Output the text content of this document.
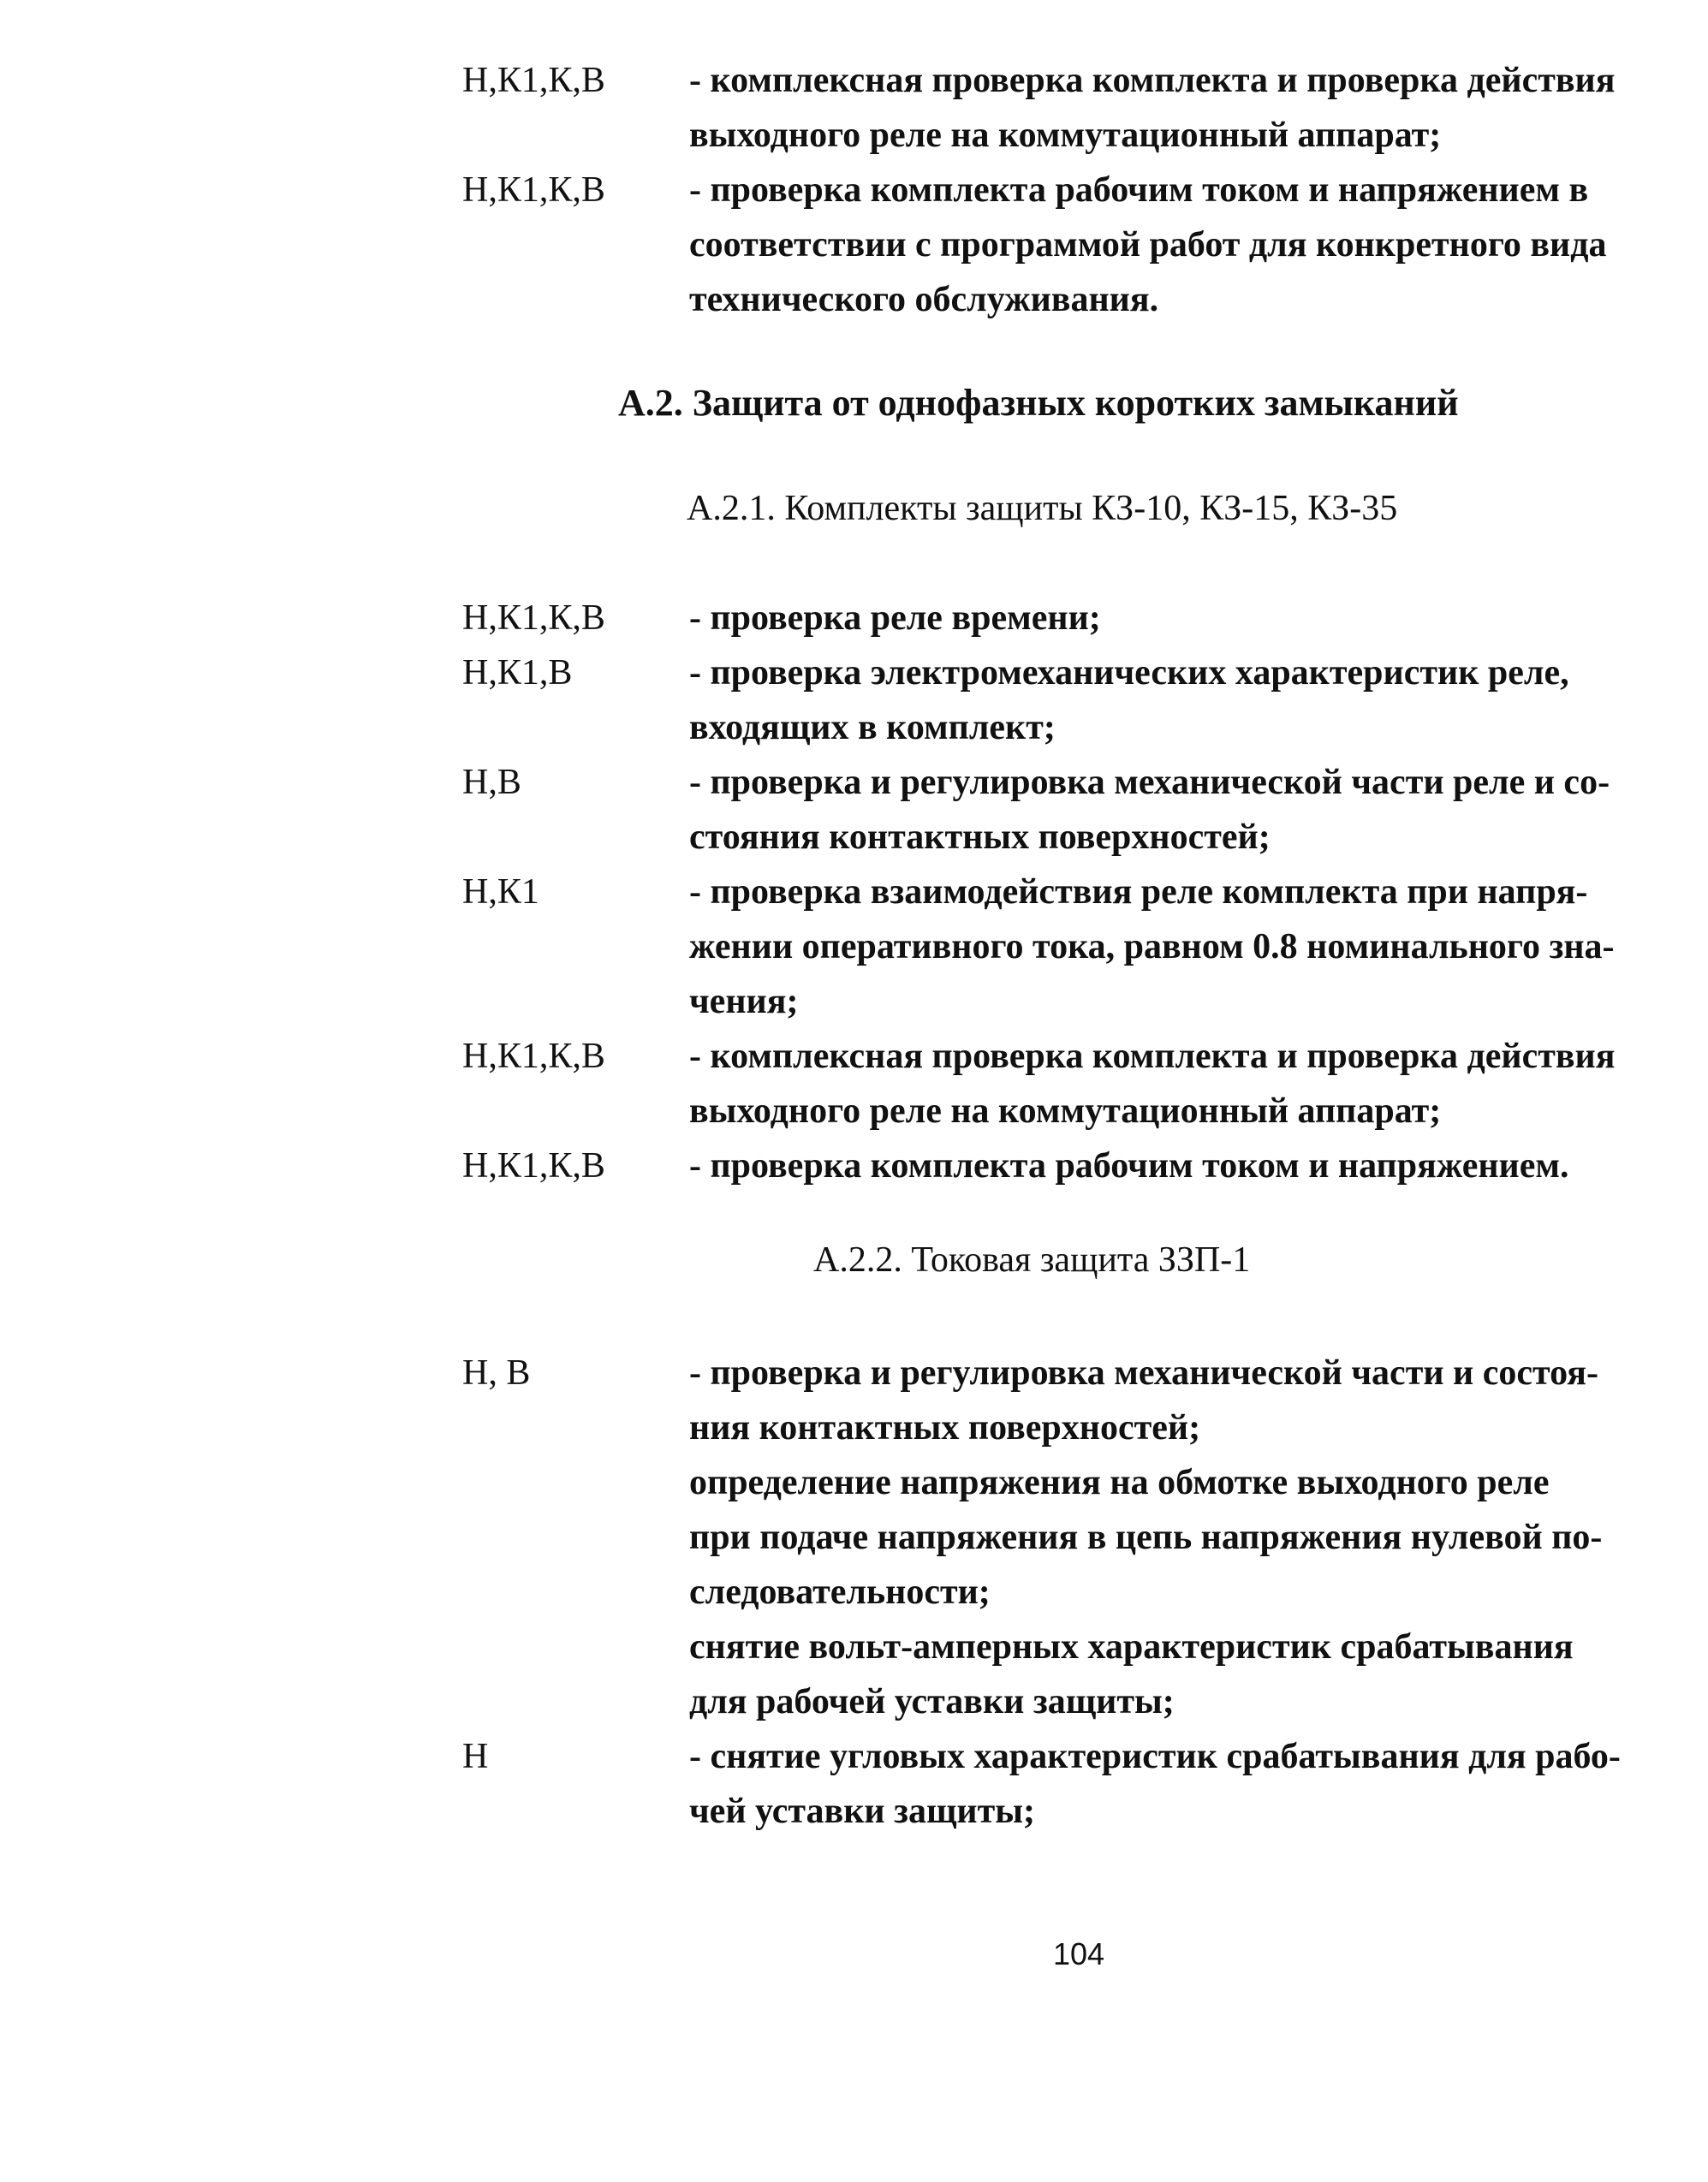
Н,К1,К,В	- комплексная проверка комплекта и проверка действия
выходного реле на коммутационный аппарат;
Н,К1,К,В	- проверка комплекта рабочим током и напряжением в
соответствии с программой работ для конкретного вида
технического обслуживания.
А.2. Защита от однофазных коротких замыканий
А.2.1. Комплекты защиты КЗ-10, КЗ-15, КЗ-35
Н,К1,К,В	- проверка реле времени;
Н,К1,В	- проверка электромеханических характеристик реле,
входящих в комплект;
Н,В	- проверка и регулировка механической части реле и со-
стояния контактных поверхностей;
Н,К1	- проверка взаимодействия реле комплекта при напря-
жении оперативного тока, равном 0.8 номинального зна-
чения;
Н,К1,К,В	- комплексная проверка комплекта и проверка действия
выходного реле на коммутационный аппарат;
Н,К1,К,В	- проверка комплекта рабочим током и напряжением.
А.2.2. Токовая защита ЗЗП-1
Н, В	- проверка и регулировка механической части и состоя-
ния контактных поверхностей;
определение напряжения на обмотке выходного реле
при подаче напряжения в цепь напряжения нулевой по-
следовательности;
снятие вольт-амперных характеристик срабатывания
для рабочей уставки защиты;
Н	- снятие угловых характеристик срабатывания для рабо-
чей уставки защиты;
104
